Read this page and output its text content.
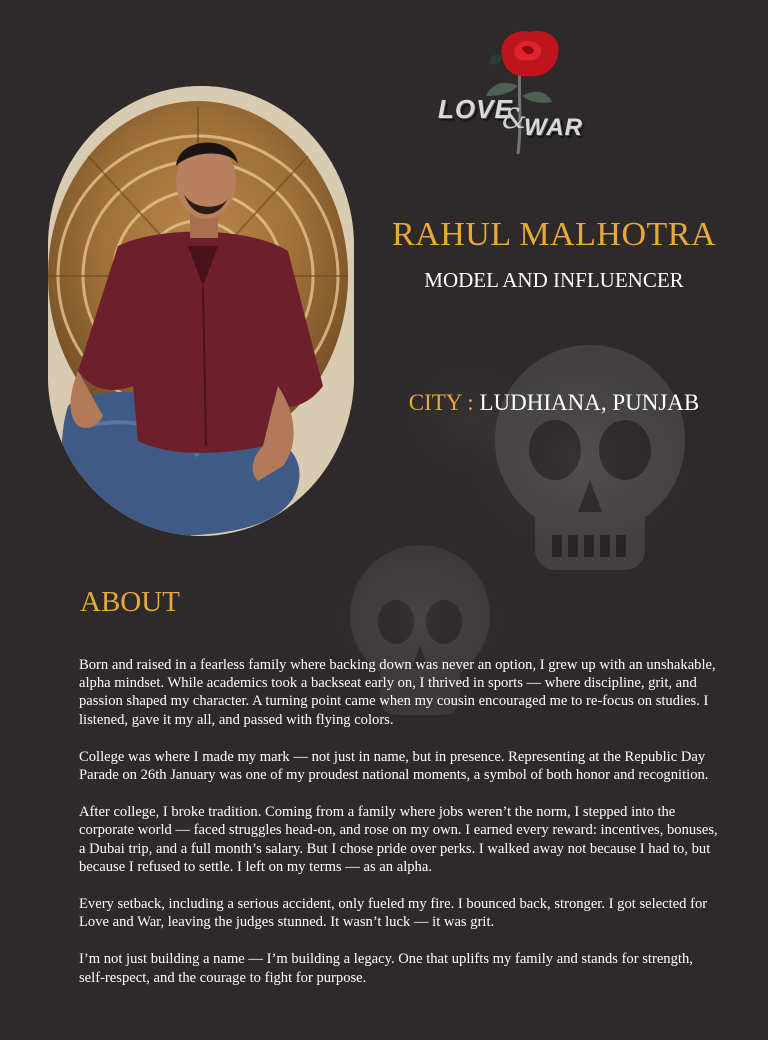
LOVE
&
WAR
RAHUL MALHOTRA
MODEL AND INFLUENCER
CITY : LUDHIANA, PUNJAB
ABOUT

Born and raised in a fearless family where backing down was never an option, I grew up with an unshakable, alpha mindset. While academics took a backseat early on, I thrived in sports — where discipline, grit, and passion shaped my character. A turning point came when my cousin encouraged me to re-focus on studies. I listened, gave it my all, and passed with flying colors.

College was where I made my mark — not just in name, but in presence. Representing at the Republic Day Parade on 26th January was one of my proudest national moments, a symbol of both honor and recognition.

After college, I broke tradition. Coming from a family where jobs weren’t the norm, I stepped into the corporate world — faced struggles head-on, and rose on my own. I earned every reward: incentives, bonuses, a Dubai trip, and a full month’s salary. But I chose pride over perks. I walked away not because I had to, but because I refused to settle. I left on my terms — as an alpha.

Every setback, including a serious accident, only fueled my fire. I bounced back, stronger. I got selected for Love and War, leaving the judges stunned. It wasn’t luck — it was grit.

I’m not just building a name — I’m building a legacy. One that uplifts my family and stands for strength, self-respect, and the courage to fight for purpose.
